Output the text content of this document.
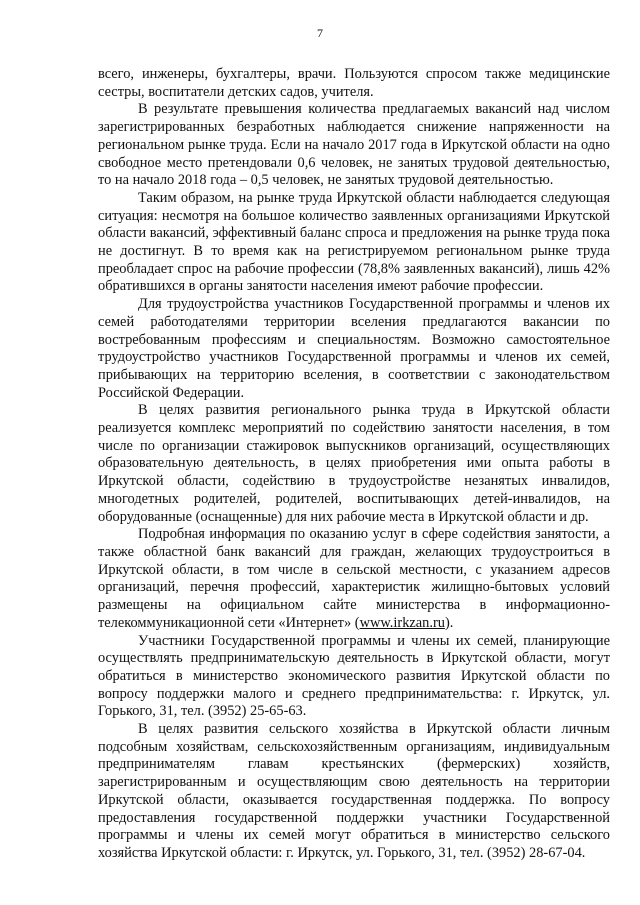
7

всего, инженеры, бухгалтеры, врачи. Пользуются спросом также медицинские сестры, воспитатели детских садов, учителя.

В результате превышения количества предлагаемых вакансий над числом зарегистрированных безработных наблюдается снижение напряженности на региональном рынке труда. Если на начало 2017 года в Иркутской области на одно свободное место претендовали 0,6 человек, не занятых трудовой деятельностью, то на начало 2018 года – 0,5 человек, не занятых трудовой деятельностью.

Таким образом, на рынке труда Иркутской области наблюдается следующая ситуация: несмотря на большое количество заявленных организациями Иркутской области вакансий, эффективный баланс спроса и предложения на рынке труда пока не достигнут. В то время как на регистрируемом региональном рынке труда преобладает спрос на рабочие профессии (78,8% заявленных вакансий), лишь 42% обратившихся в органы занятости населения имеют рабочие профессии.

Для трудоустройства участников Государственной программы и членов их семей работодателями территории вселения предлагаются вакансии по востребованным профессиям и специальностям. Возможно самостоятельное трудоустройство участников Государственной программы и членов их семей, прибывающих на территорию вселения, в соответствии с законодательством Российской Федерации.

В целях развития регионального рынка труда в Иркутской области реализуется комплекс мероприятий по содействию занятости населения, в том числе по организации стажировок выпускников организаций, осуществляющих образовательную деятельность, в целях приобретения ими опыта работы в Иркутской области, содействию в трудоустройстве незанятых инвалидов, многодетных родителей, родителей, воспитывающих детей-инвалидов, на оборудованные (оснащенные) для них рабочие места в Иркутской области и др.

Подробная информация по оказанию услуг в сфере содействия занятости, а также областной банк вакансий для граждан, желающих трудоустроиться в Иркутской области, в том числе в сельской местности, с указанием адресов организаций, перечня профессий, характеристик жилищно-бытовых условий размещены на официальном сайте министерства в информационно-телекоммуникационной сети «Интернет» (www.irkzan.ru).

Участники Государственной программы и члены их семей, планирующие осуществлять предпринимательскую деятельность в Иркутской области, могут обратиться в министерство экономического развития Иркутской области по вопросу поддержки малого и среднего предпринимательства: г. Иркутск, ул. Горького, 31, тел. (3952) 25-65-63.

В целях развития сельского хозяйства в Иркутской области личным подсобным хозяйствам, сельскохозяйственным организациям, индивидуальным предпринимателям главам крестьянских (фермерских) хозяйств, зарегистрированным и осуществляющим свою деятельность на территории Иркутской области, оказывается государственная поддержка. По вопросу предоставления государственной поддержки участники Государственной программы и члены их семей могут обратиться в министерство сельского хозяйства Иркутской области: г. Иркутск, ул. Горького, 31, тел. (3952) 28-67-04.
